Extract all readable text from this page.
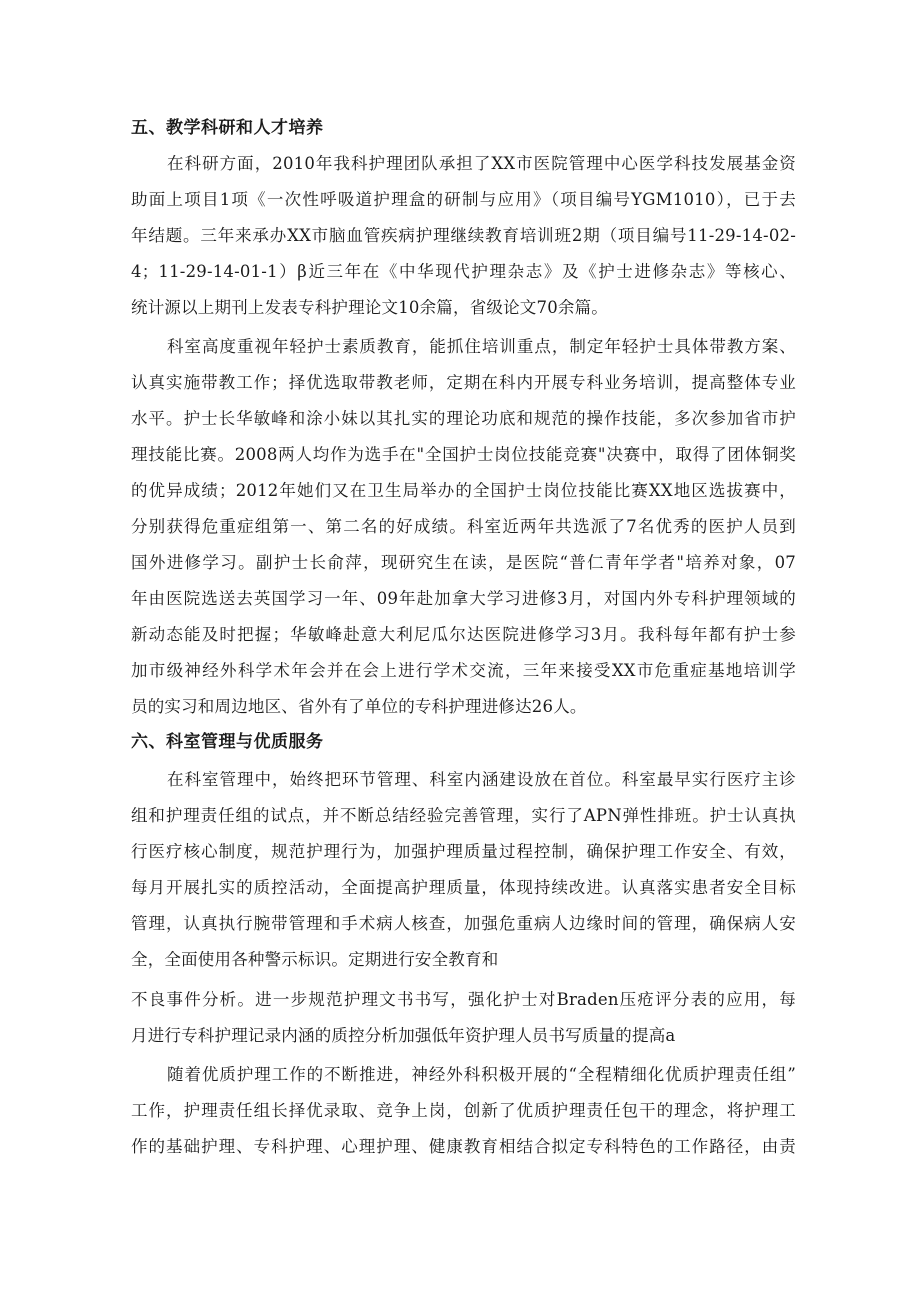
五、教学科研和人才培养
在科研方面，2010年我科护理团队承担了XX市医院管理中心医学科技发展基金资
助面上项目1项《一次性呼吸道护理盒的研制与应用》（项目编号YGM1010），已于去
年结题。三年来承办XX市脑血管疾病护理继续教育培训班2期（项目编号11-29-14-02-
4；11-29-14-01-1）β近三年在《中华现代护理杂志》及《护士进修杂志》等核心、
统计源以上期刊上发表专科护理论文10余篇，省级论文70余篇。
科室高度重视年轻护士素质教育，能抓住培训重点，制定年轻护士具体带教方案、
认真实施带教工作；择优选取带教老师，定期在科内开展专科业务培训，提高整体专业
水平。护士长华敏峰和涂小妹以其扎实的理论功底和规范的操作技能，多次参加省市护
理技能比赛。2008两人均作为选手在"全国护士岗位技能竞赛"决赛中，取得了团体铜奖
的优异成绩；2012年她们又在卫生局举办的全国护士岗位技能比赛XX地区选拔赛中，
分别获得危重症组第一、第二名的好成绩。科室近两年共选派了7名优秀的医护人员到
国外进修学习。副护士长俞萍，现研究生在读，是医院“普仁青年学者"培养对象，07
年由医院选送去英国学习一年、09年赴加拿大学习进修3月，对国内外专科护理领域的
新动态能及时把握；华敏峰赴意大利尼瓜尔达医院进修学习3月。我科每年都有护士参
加市级神经外科学术年会并在会上进行学术交流，三年来接受XX市危重症基地培训学
员的实习和周边地区、省外有了单位的专科护理进修达26人。
六、科室管理与优质服务
在科室管理中，始终把环节管理、科室内涵建设放在首位。科室最早实行医疗主诊
组和护理责任组的试点，并不断总结经验完善管理，实行了APN弹性排班。护士认真执
行医疗核心制度，规范护理行为，加强护理质量过程控制，确保护理工作安全、有效，
每月开展扎实的质控活动，全面提高护理质量，体现持续改进。认真落实患者安全目标
管理，认真执行腕带管理和手术病人核查，加强危重病人边缘时间的管理，确保病人安
全，全面使用各种警示标识。定期进行安全教育和
不良事件分析。进一步规范护理文书书写，强化护士对Braden压疮评分表的应用，每
月进行专科护理记录内涵的质控分析加强低年资护理人员书写质量的提高a
随着优质护理工作的不断推进，神经外科积极开展的“全程精细化优质护理责任组”
工作，护理责任组长择优录取、竞争上岗，创新了优质护理责任包干的理念，将护理工
作的基础护理、专科护理、心理护理、健康教育相结合拟定专科特色的工作路径，由责
